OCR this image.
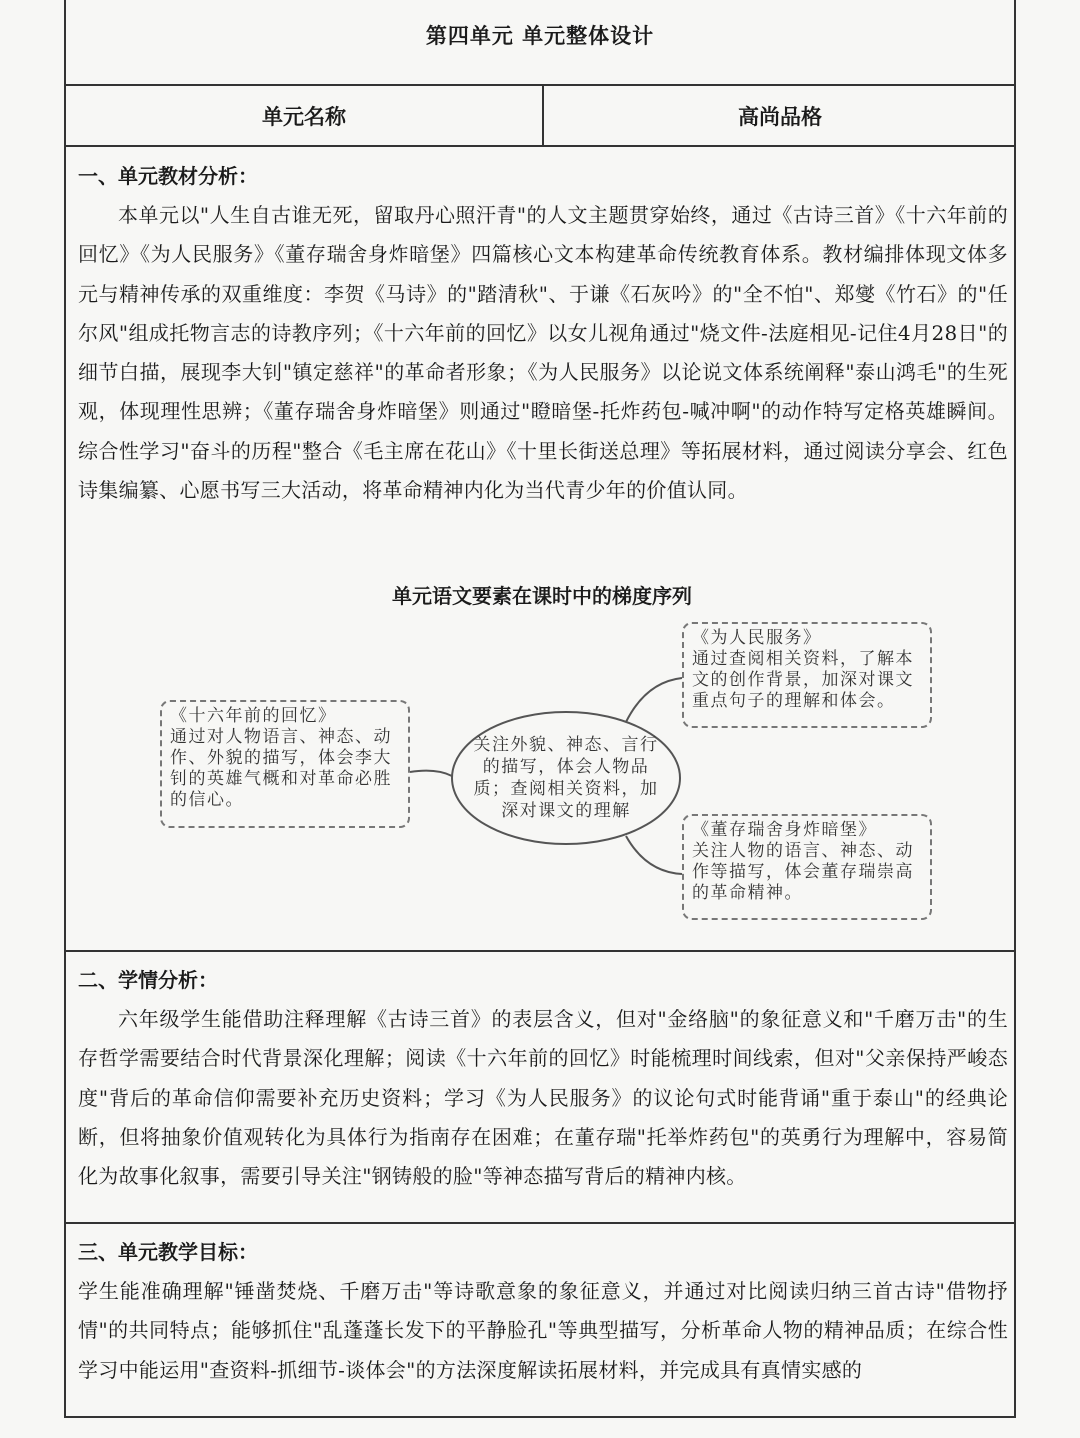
第四单元 单元整体设计
单元名称	高尚品格
一、单元教材分析：

本单元以"人生自古谁无死，留取丹心照汗青"的人文主题贯穿始终，通过《古诗三首》《十六年前的回忆》《为人民服务》《董存瑞舍身炸暗堡》四篇核心文本构建革命传统教育体系。教材编排体现文体多元与精神传承的双重维度：李贺《马诗》的"踏清秋"、于谦《石灰吟》的"全不怕"、郑燮《竹石》的"任尔风"组成托物言志的诗教序列；《十六年前的回忆》以女儿视角通过"烧文件-法庭相见-记住4月28日"的细节白描，展现李大钊"镇定慈祥"的革命者形象；《为人民服务》以论说文体系统阐释"泰山鸿毛"的生死观，体现理性思辨；《董存瑞舍身炸暗堡》则通过"瞪暗堡-托炸药包-喊冲啊"的动作特写定格英雄瞬间。综合性学习"奋斗的历程"整合《毛主席在花山》《十里长街送总理》等拓展材料，通过阅读分享会、红色诗集编纂、心愿书写三大活动，将革命精神内化为当代青少年的价值认同。

单元语文要素在课时中的梯度序列
关注外貌、神态、言行的描写，体会人物品质；查阅相关资料，加深对课文的理解
《十六年前的回忆》
通过对人物语言、神态、动作、外貌的描写，体会李大钊的英雄气概和对革命必胜的信心。
《为人民服务》
通过查阅相关资料，了解本文的创作背景，加深对课文重点句子的理解和体会。
《董存瑞舍身炸暗堡》
关注人物的语言、神态、动作等描写，体会董存瑞崇高的革命精神。
二、学情分析：

六年级学生能借助注释理解《古诗三首》的表层含义，但对"金络脑"的象征意义和"千磨万击"的生存哲学需要结合时代背景深化理解；阅读《十六年前的回忆》时能梳理时间线索，但对"父亲保持严峻态度"背后的革命信仰需要补充历史资料；学习《为人民服务》的议论句式时能背诵"重于泰山"的经典论断，但将抽象价值观转化为具体行为指南存在困难；在董存瑞"托举炸药包"的英勇行为理解中，容易简化为故事化叙事，需要引导关注"钢铸般的脸"等神态描写背后的精神内核。

三、单元教学目标：

学生能准确理解"锤凿焚烧、千磨万击"等诗歌意象的象征意义，并通过对比阅读归纳三首古诗"借物抒情"的共同特点；能够抓住"乱蓬蓬长发下的平静脸孔"等典型描写，分析革命人物的精神品质；在综合性学习中能运用"查资料-抓细节-谈体会"的方法深度解读拓展材料，并完成具有真情实感的
